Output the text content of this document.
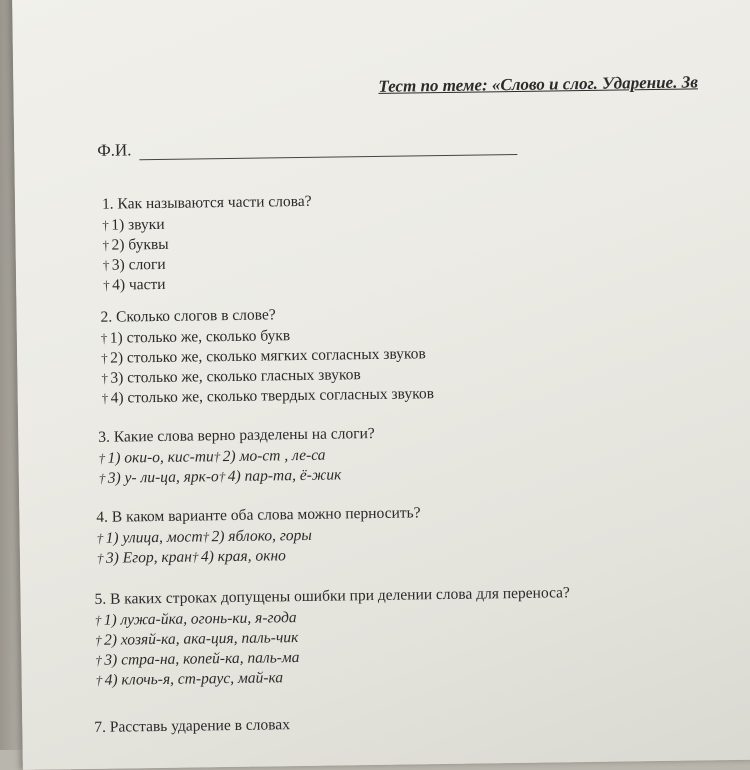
Тест по теме: «Слово и слог. Ударение. Зв
Ф.И.
1. Как называются части слова?
† 1) звуки
† 2) буквы
† 3) слоги
† 4) части
2. Сколько слогов в слове?
† 1) столько же, сколько букв
† 2) столько же, сколько мягких согласных звуков
† 3) столько же, сколько гласных звуков
† 4) столько же, сколько твердых согласных звуков
3. Какие слова верно разделены на слоги?
† 1) оки-о, кис-ти† 2) мо-ст , ле-са
† 3) у- ли-ца, ярк-о† 4) пар-та, ё-жик
4. В каком варианте оба слова можно перносить?
† 1) улица, мост† 2) яблоко, горы
† 3) Егор, кран† 4) края, окно
5. В каких строках допущены ошибки при делении слова для переноса?
† 1) лужа-йка, огонь-ки, я-года
† 2) хозяй-ка, ака-ция, паль-чик
† 3) стра-на, копей-ка, паль-ма
† 4) клочь-я, ст-раус, май-ка
7. Расставь ударение в словах
